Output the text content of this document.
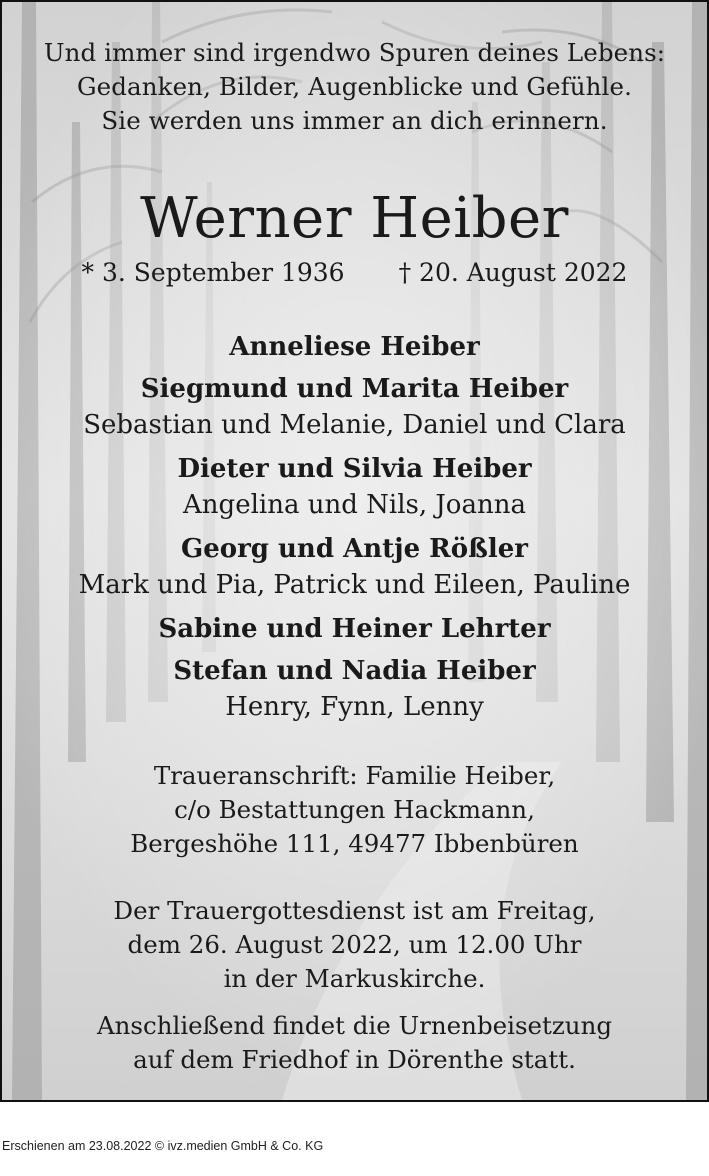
Und immer sind irgendwo Spuren deines Lebens:
Gedanken, Bilder, Augenblicke und Gefühle.
Sie werden uns immer an dich erinnern.
Werner Heiber
* 3. September 1936 † 20. August 2022
Anneliese Heiber
Siegmund und Marita Heiber
Sebastian und Melanie, Daniel und Clara
Dieter und Silvia Heiber
Angelina und Nils, Joanna
Georg und Antje Rößler
Mark und Pia, Patrick und Eileen, Pauline
Sabine und Heiner Lehrter
Stefan und Nadia Heiber
Henry, Fynn, Lenny
Traueranschrift: Familie Heiber,
c/o Bestattungen Hackmann,
Bergeshöhe 111, 49477 Ibbenbüren
Der Trauergottesdienst ist am Freitag,
dem 26. August 2022, um 12.00 Uhr
in der Markuskirche.
Anschließend findet die Urnenbeisetzung
auf dem Friedhof in Dörenthe statt.
Erschienen am 23.08.2022 © ivz.medien GmbH & Co. KG
